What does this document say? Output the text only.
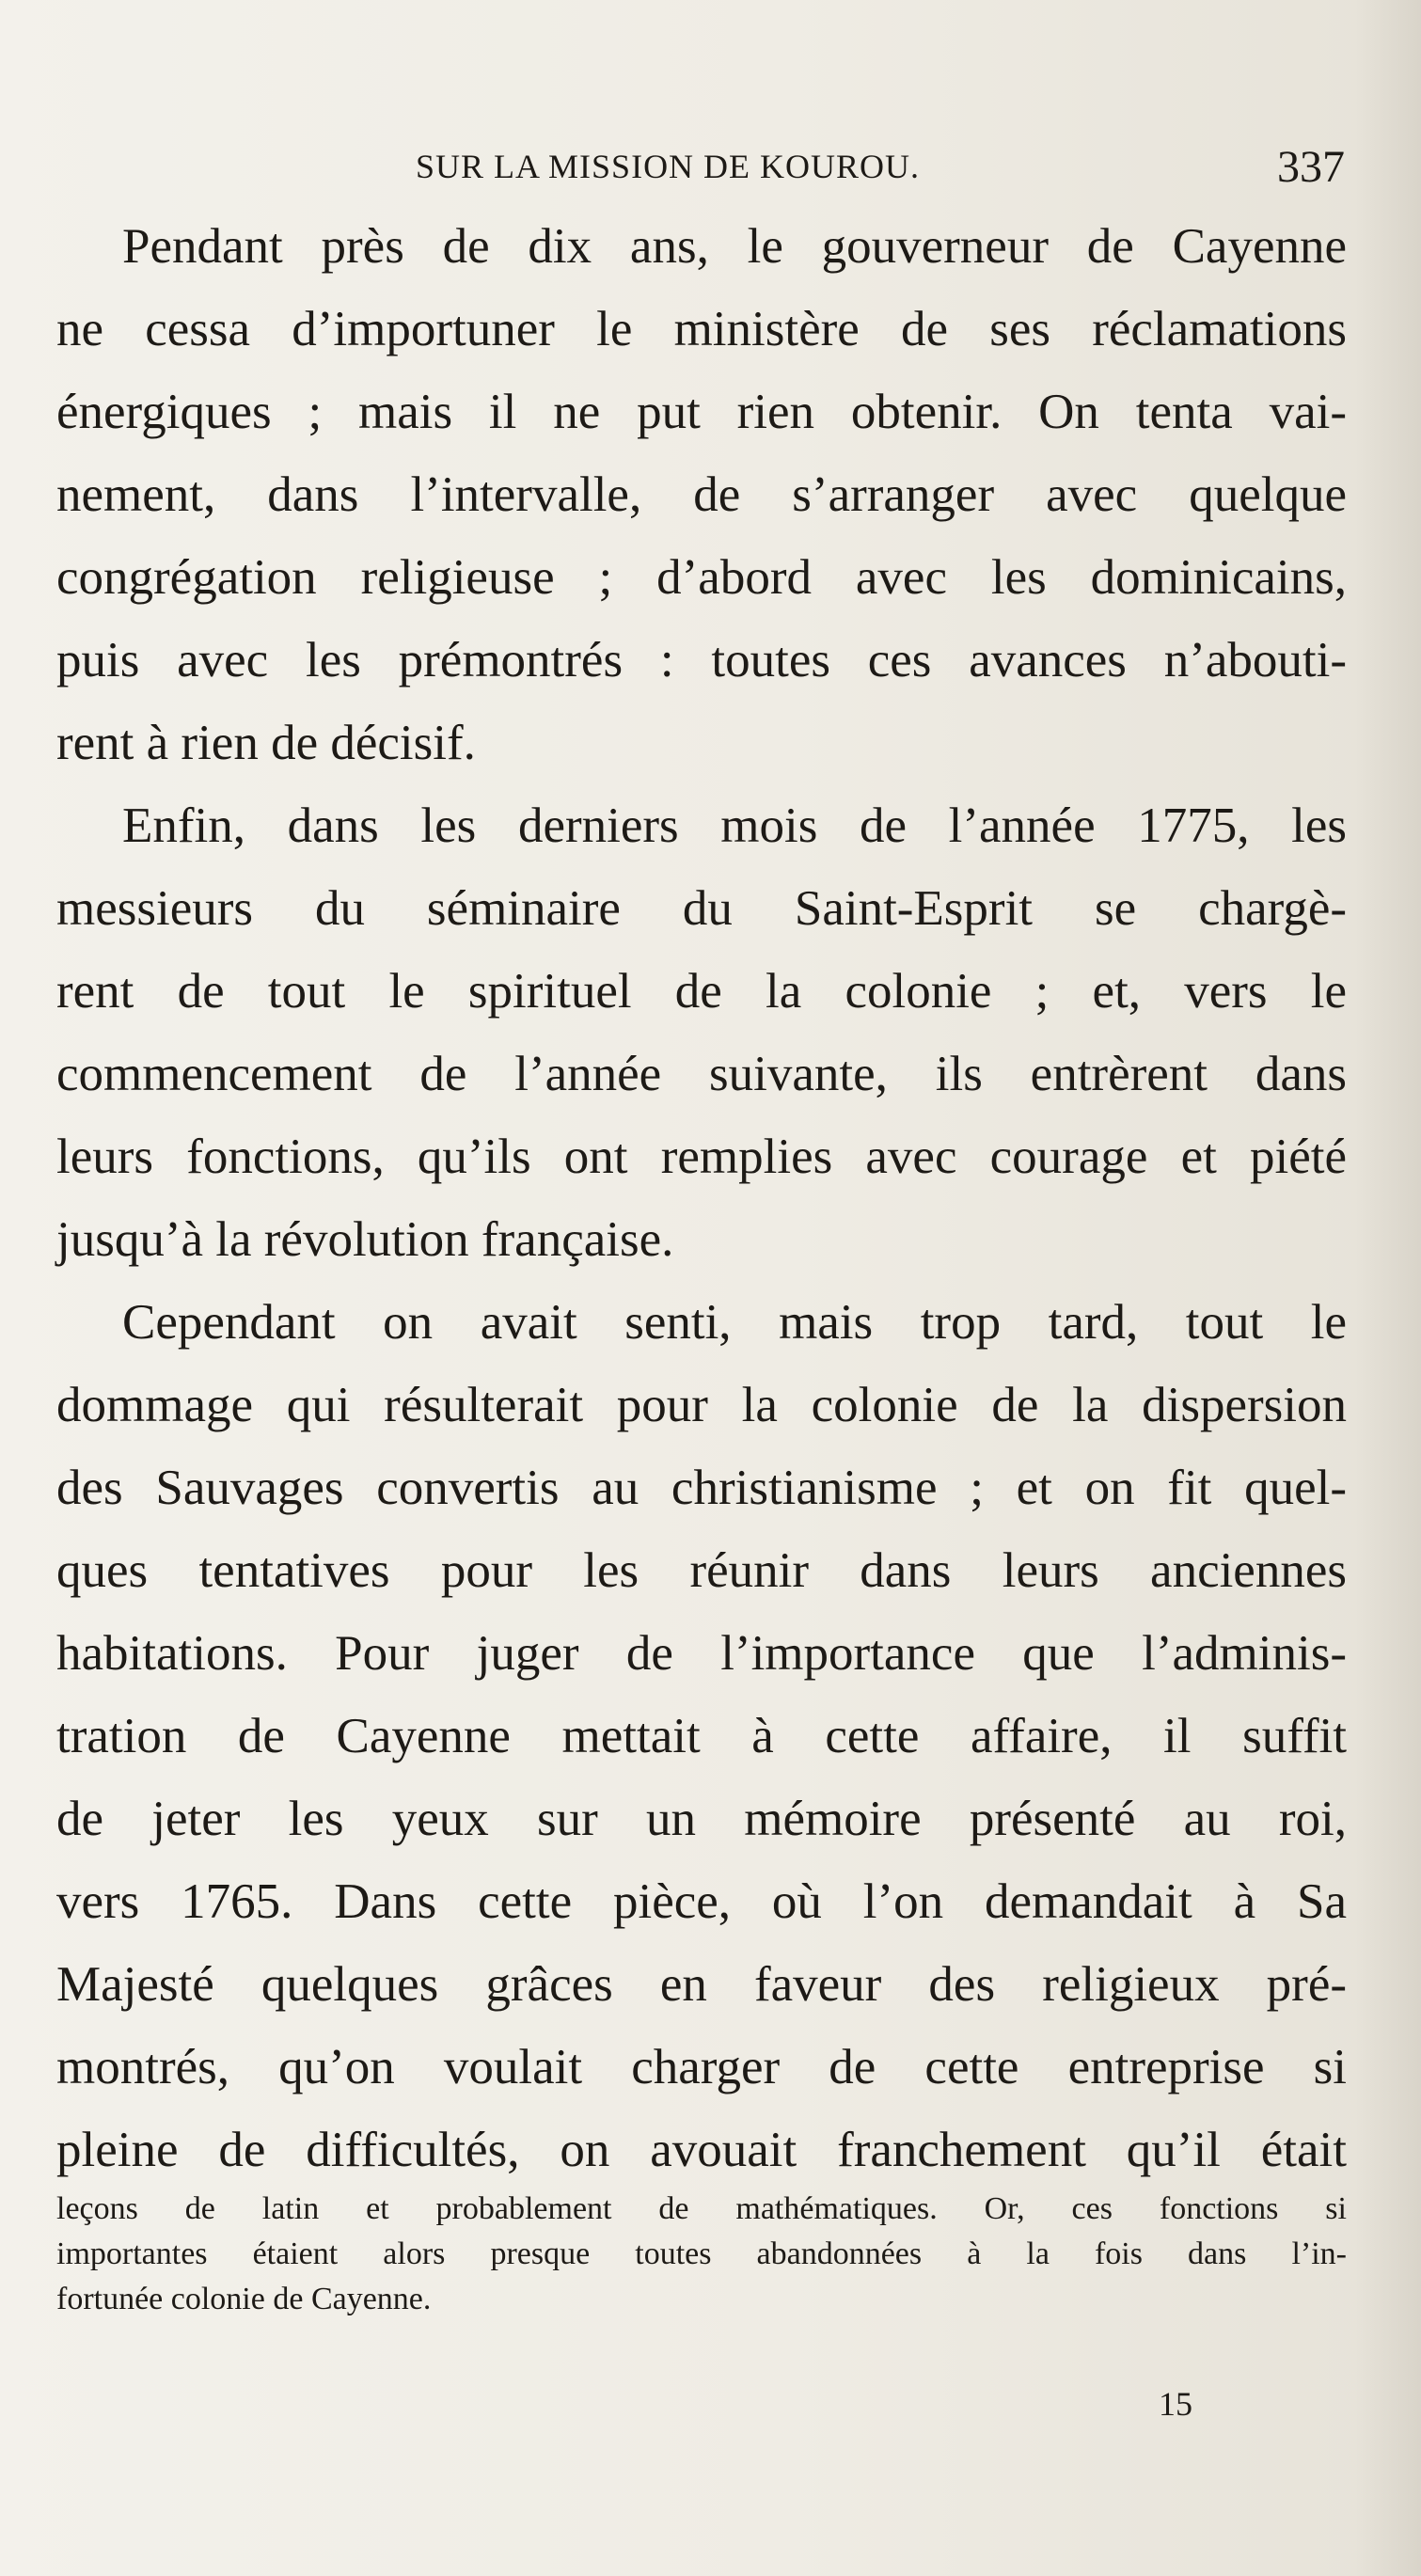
SUR LA MISSION DE KOUROU.	337
Pendant près de dix ans, le gouverneur de Cayenne
ne cessa d’importuner le ministère de ses réclamations
énergiques ; mais il ne put rien obtenir. On tenta vai-
nement, dans l’intervalle, de s’arranger avec quelque
congrégation religieuse ; d’abord avec les dominicains,
puis avec les prémontrés : toutes ces avances n’abouti-
rent à rien de décisif.
Enfin, dans les derniers mois de l’année 1775, les
messieurs du séminaire du Saint-Esprit se chargè-
rent de tout le spirituel de la colonie ; et, vers le
commencement de l’année suivante, ils entrèrent dans
leurs fonctions, qu’ils ont remplies avec courage et piété
jusqu’à la révolution française.
Cependant on avait senti, mais trop tard, tout le
dommage qui résulterait pour la colonie de la dispersion
des Sauvages convertis au christianisme ; et on fit quel-
ques tentatives pour les réunir dans leurs anciennes
habitations. Pour juger de l’importance que l’adminis-
tration de Cayenne mettait à cette affaire, il suffit
de jeter les yeux sur un mémoire présenté au roi,
vers 1765. Dans cette pièce, où l’on demandait à Sa
Majesté quelques grâces en faveur des religieux pré-
montrés, qu’on voulait charger de cette entreprise si
pleine de difficultés, on avouait franchement qu’il était
leçons de latin et probablement de mathématiques. Or, ces fonctions si
importantes étaient alors presque toutes abandonnées à la fois dans l’in-
fortunée colonie de Cayenne.
15
